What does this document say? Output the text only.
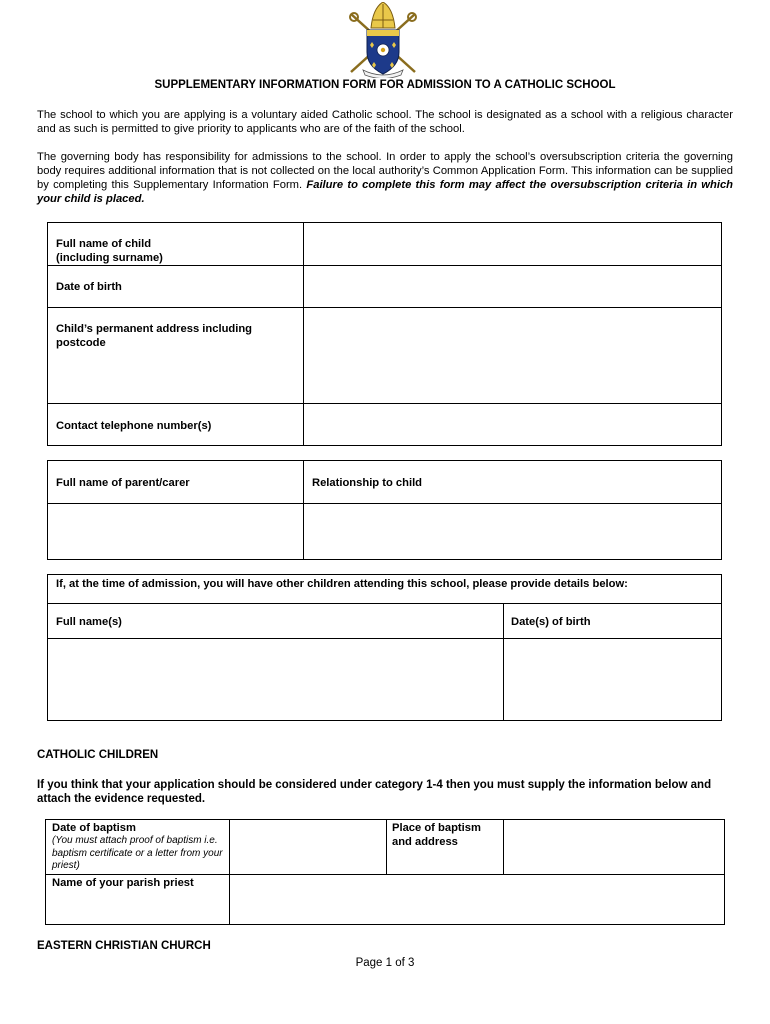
SUPPLEMENTARY INFORMATION FORM FOR ADMISSION TO A CATHOLIC SCHOOL
The school to which you are applying is a voluntary aided Catholic school. The school is designated as a school with a religious character and as such is permitted to give priority to applicants who are of the faith of the school.
The governing body has responsibility for admissions to the school. In order to apply the school’s oversubscription criteria the governing body requires additional information that is not collected on the local authority’s Common Application Form. This information can be supplied by completing this Supplementary Information Form. Failure to complete this form may affect the oversubscription criteria in which your child is placed.
Full name of child
(including surname)
Date of birth
Child’s permanent address including postcode
Contact telephone number(s)
Full name of parent/carer	Relationship to child
If, at the time of admission, you will have other children attending this school, please provide details below:
Full name(s)	Date(s) of birth
CATHOLIC CHILDREN
If you think that your application should be considered under category 1-4 then you must supply the information below and attach the evidence requested.
Date of baptism
(You must attach proof of baptism i.e. baptism certificate or a letter from your priest)
Place of baptism and address
Name of your parish priest
EASTERN CHRISTIAN CHURCH
Page 1 of 3
